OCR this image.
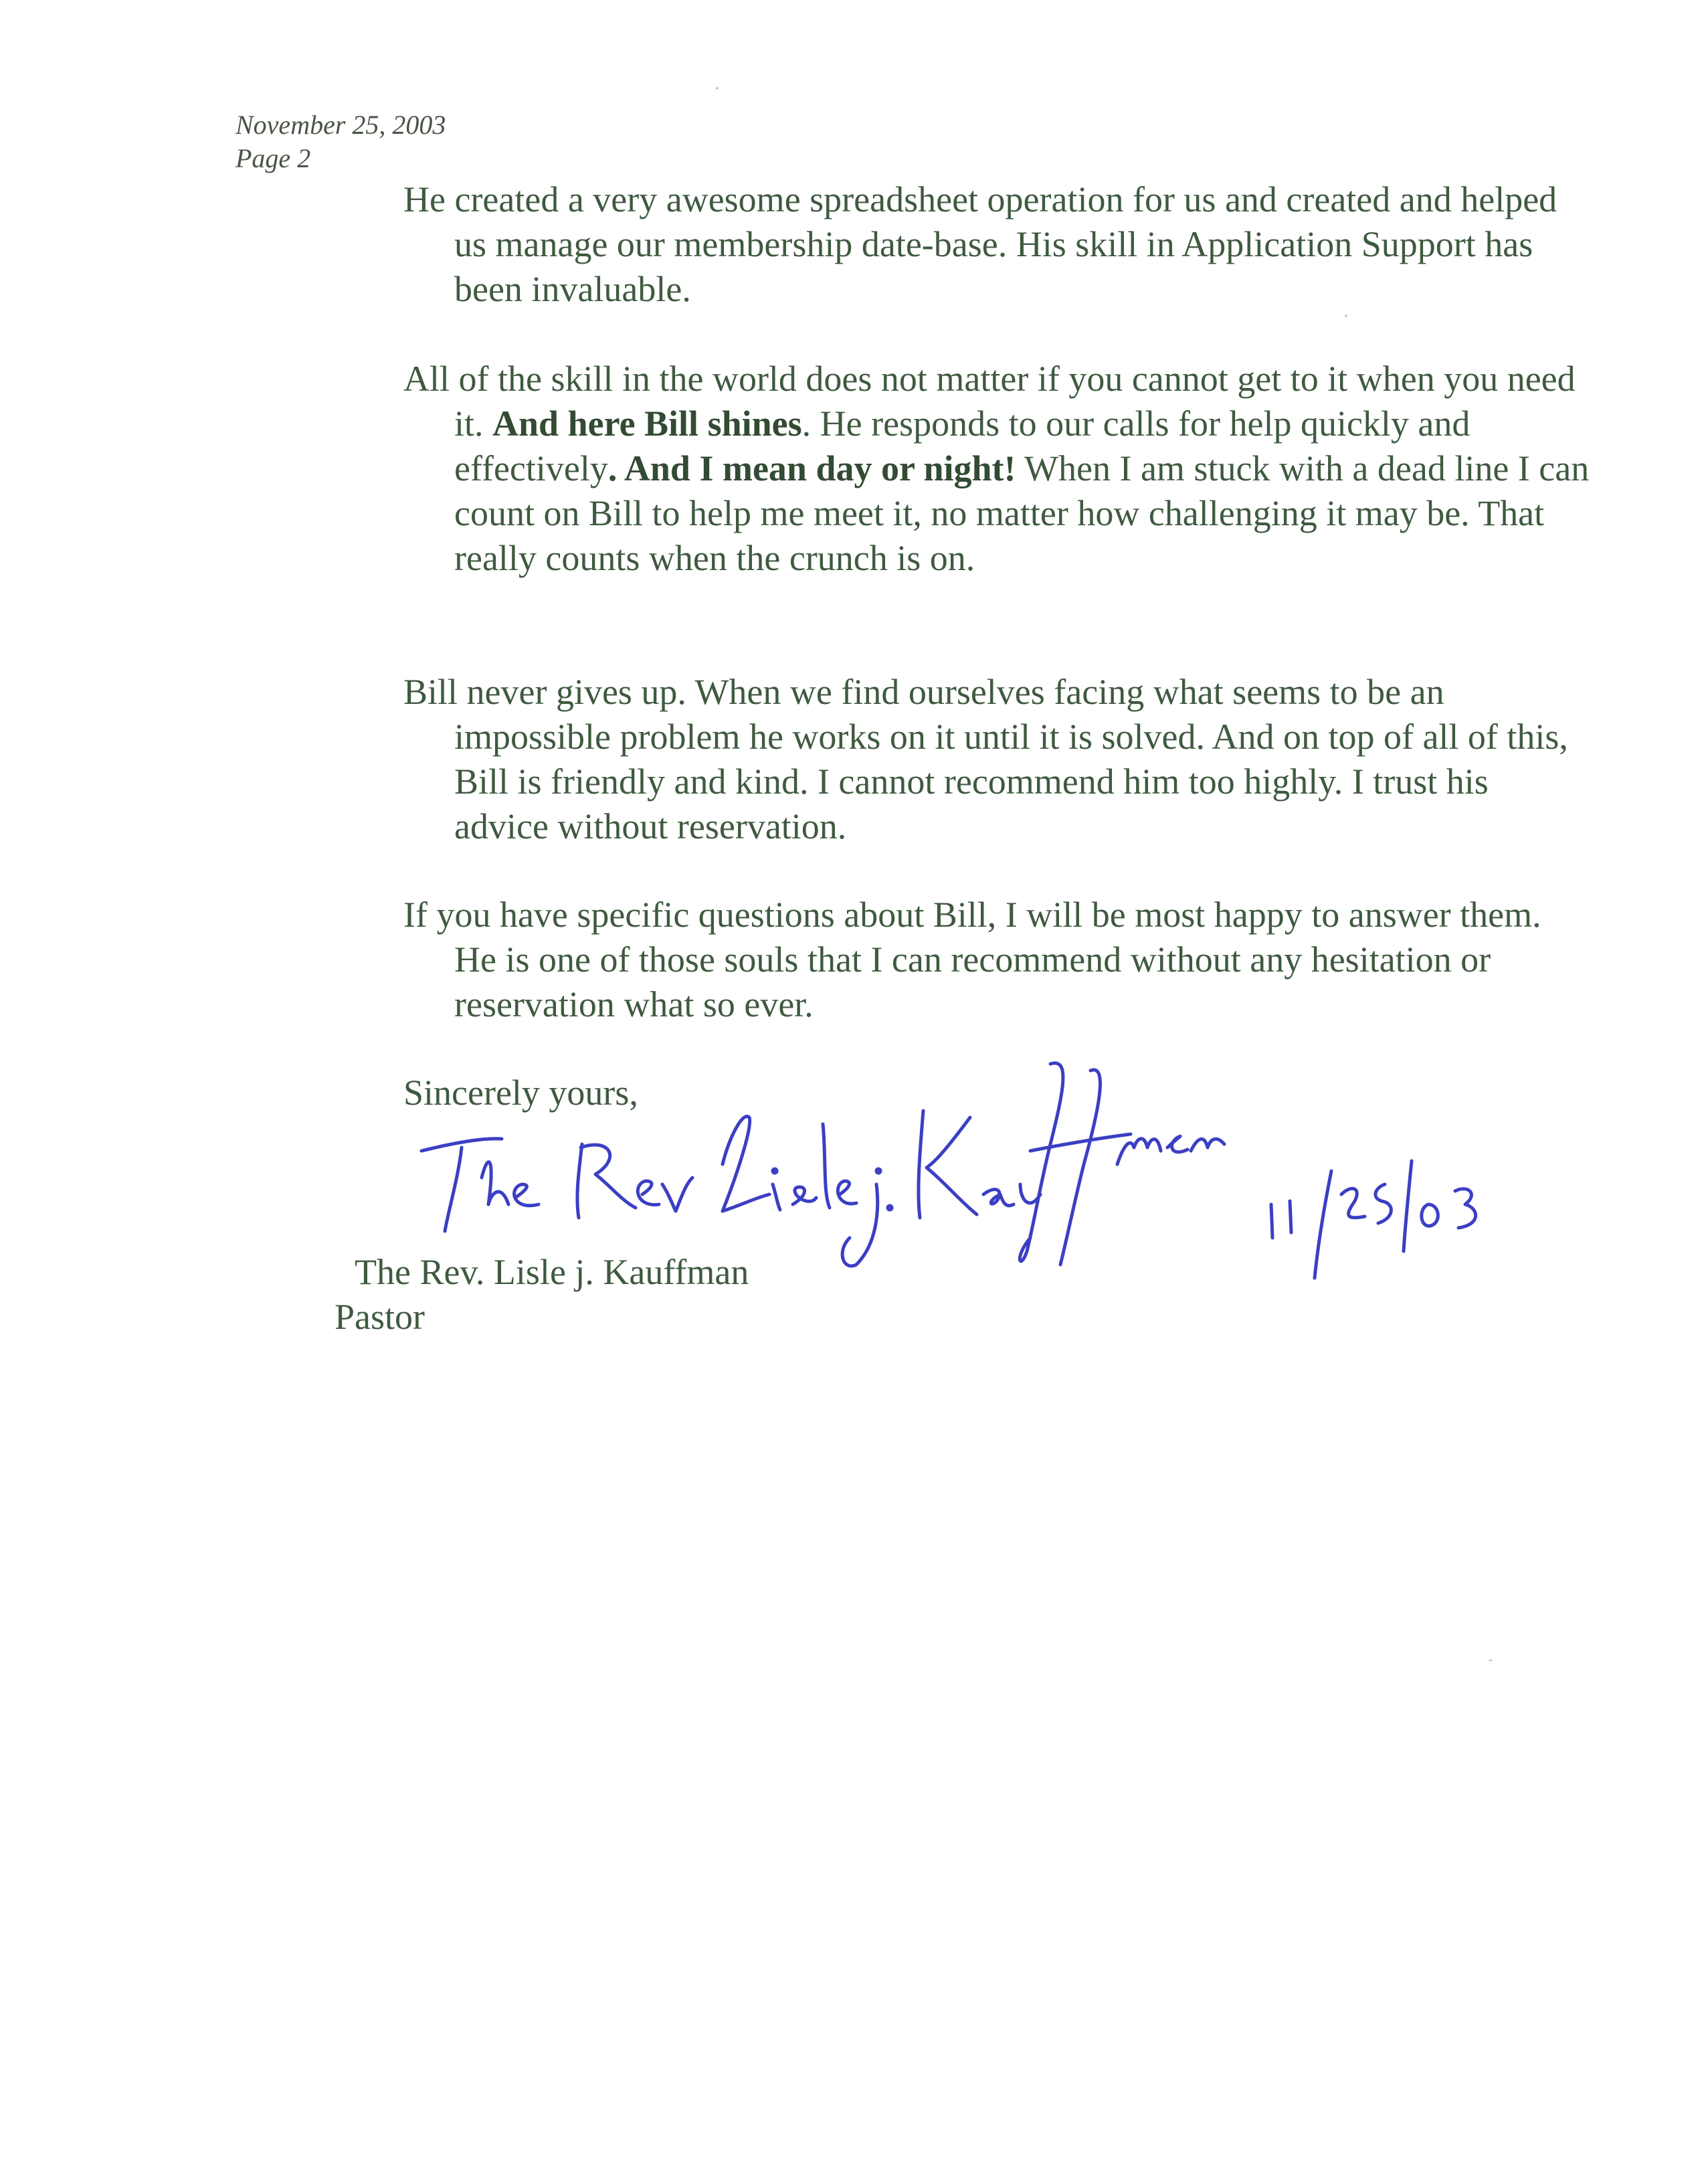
November 25, 2003
Page 2
He created a very awesome spreadsheet operation for us and created and helped us manage our membership date-base. His skill in Application Support has been invaluable.
All of the skill in the world does not matter if you cannot get to it when you need it. And here Bill shines. He responds to our calls for help quickly and effectively. And I mean day or night! When I am stuck with a dead line I can count on Bill to help me meet it, no matter how challenging it may be. That really counts when the crunch is on.
Bill never gives up. When we find ourselves facing what seems to be an impossible problem he works on it until it is solved. And on top of all of this, Bill is friendly and kind. I cannot recommend him too highly. I trust his advice without reservation.
If you have specific questions about Bill, I will be most happy to answer them. He is one of those souls that I can recommend without any hesitation or reservation what so ever.
Sincerely yours,
The Rev. Lisle j. Kauffman
Pastor
